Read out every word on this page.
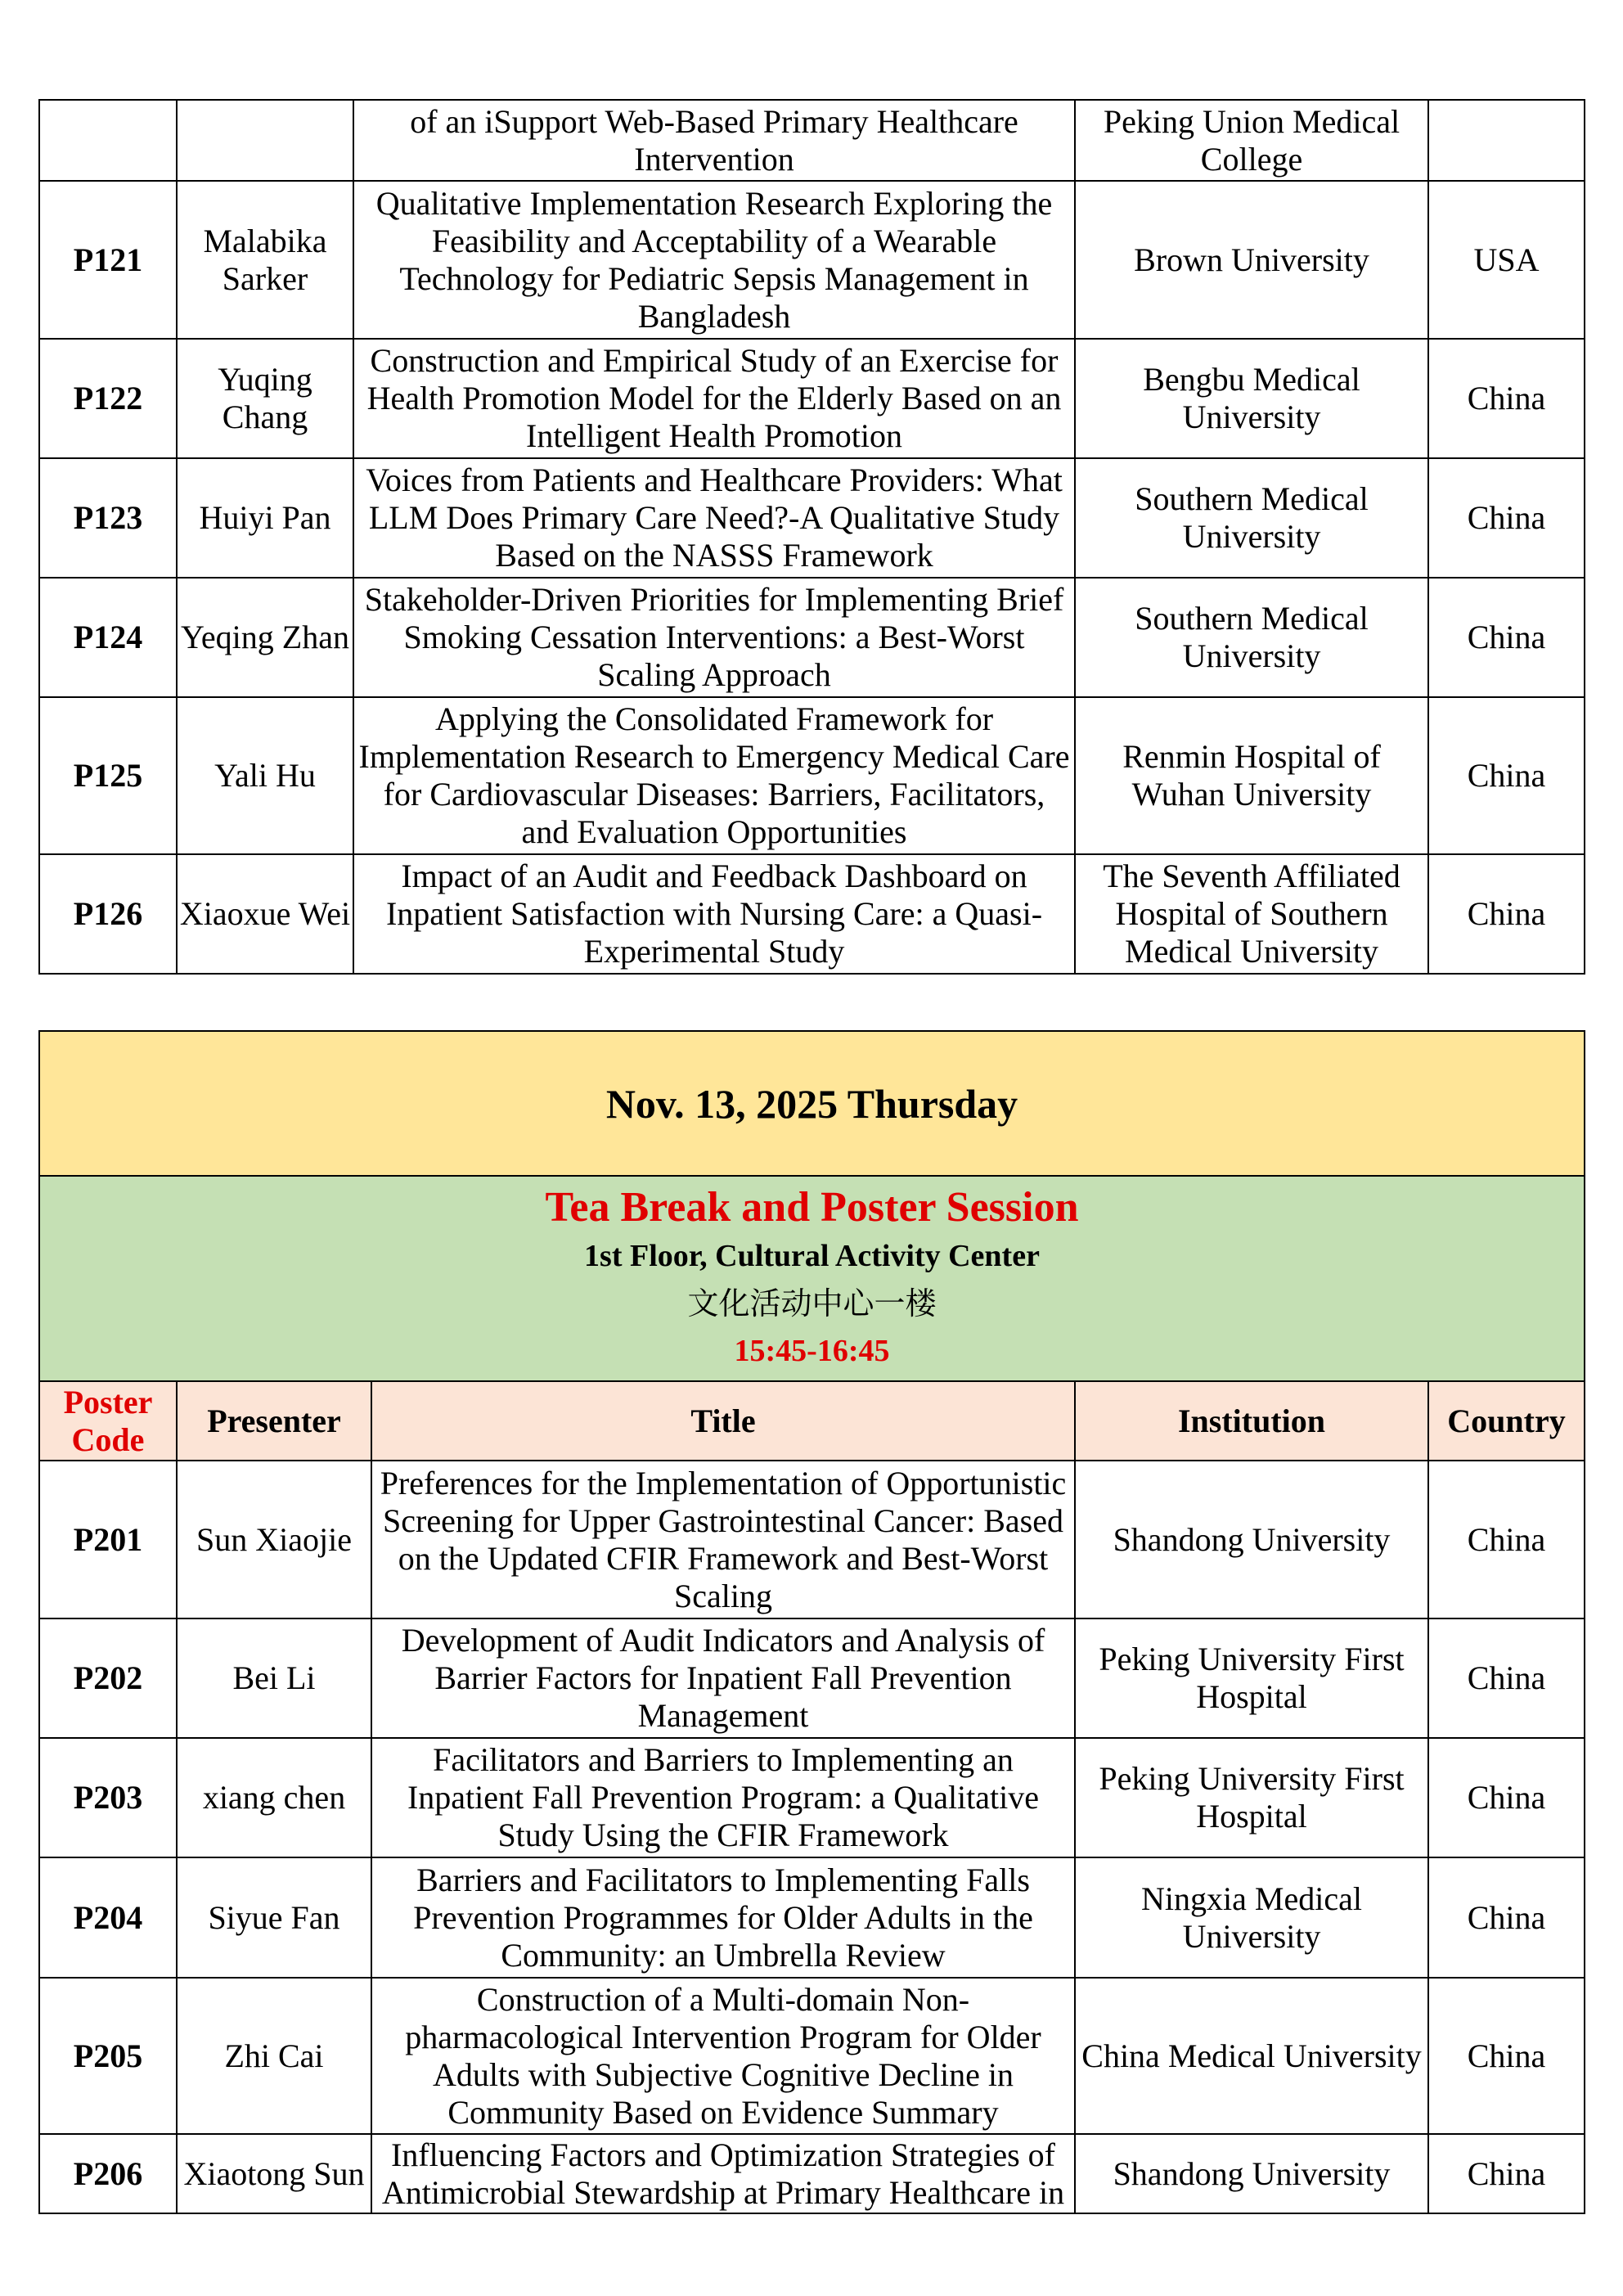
		of an iSupport Web-Based Primary Healthcare Intervention	Peking Union Medical College	
P121	Malabika Sarker	Qualitative Implementation Research Exploring the Feasibility and Acceptability of a Wearable Technology for Pediatric Sepsis Management in Bangladesh	Brown University	USA
P122	Yuqing Chang	Construction and Empirical Study of an Exercise for Health Promotion Model for the Elderly Based on an Intelligent Health Promotion	Bengbu Medical University	China
P123	Huiyi Pan	Voices from Patients and Healthcare Providers: What LLM Does Primary Care Need?-A Qualitative Study Based on the NASSS Framework	Southern Medical University	China
P124	Yeqing Zhan	Stakeholder-Driven Priorities for Implementing Brief Smoking Cessation Interventions: a Best-Worst Scaling Approach	Southern Medical University	China
P125	Yali Hu	Applying the Consolidated Framework for Implementation Research to Emergency Medical Care for Cardiovascular Diseases: Barriers, Facilitators, and Evaluation Opportunities	Renmin Hospital of Wuhan University	China
P126	Xiaoxue Wei	Impact of an Audit and Feedback Dashboard on Inpatient Satisfaction with Nursing Care: a Quasi-Experimental Study	The Seventh Affiliated Hospital of Southern Medical University	China
Nov. 13, 2025 Thursday				

Tea Break and Poster Session
1st Floor, Cultural Activity Center
文化活动中心一楼
15:45-16:45				

Poster Code	Presenter	Title	Institution	Country
P201	Sun Xiaojie	Preferences for the Implementation of Opportunistic Screening for Upper Gastrointestinal Cancer: Based on the Updated CFIR Framework and Best-Worst Scaling	Shandong University	China
P202	Bei Li	Development of Audit Indicators and Analysis of Barrier Factors for Inpatient Fall Prevention Management	Peking University First Hospital	China
P203	xiang chen	Facilitators and Barriers to Implementing an Inpatient Fall Prevention Program: a Qualitative Study Using the CFIR Framework	Peking University First Hospital	China
P204	Siyue Fan	Barriers and Facilitators to Implementing Falls Prevention Programmes for Older Adults in the Community: an Umbrella Review	Ningxia Medical University	China
P205	Zhi Cai	Construction of a Multi-domain Non-pharmacological Intervention Program for Older Adults with Subjective Cognitive Decline in Community Based on Evidence Summary	China Medical University	China
P206	Xiaotong Sun	Influencing Factors and Optimization Strategies of Antimicrobial Stewardship at Primary Healthcare in	Shandong University	China
